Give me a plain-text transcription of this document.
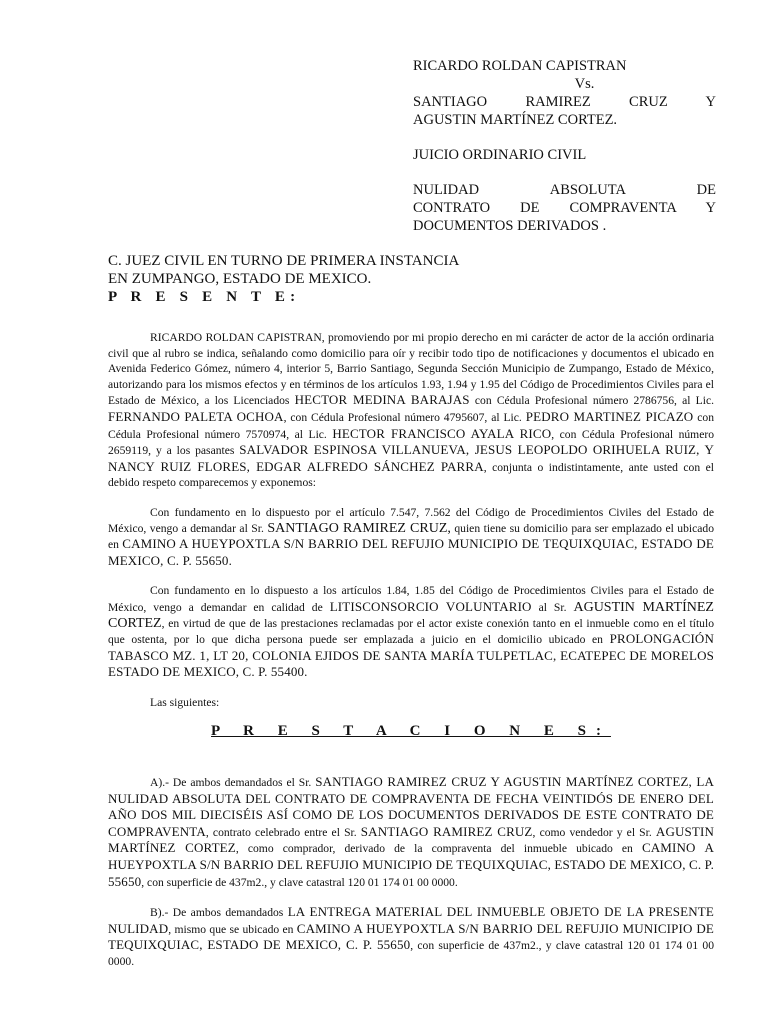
RICARDO ROLDAN CAPISTRAN
Vs.
SANTIAGO RAMIREZ CRUZ Y
AGUSTIN MARTÍNEZ CORTEZ.
JUICIO ORDINARIO CIVIL
NULIDAD ABSOLUTA DE
CONTRATO DE COMPRAVENTA Y
DOCUMENTOS DERIVADOS .
C. JUEZ CIVIL EN TURNO DE PRIMERA INSTANCIA
EN ZUMPANGO, ESTADO DE MEXICO.
P R E S E N T E:

RICARDO ROLDAN CAPISTRAN, promoviendo por mi propio derecho en mi carácter de actor de la acción ordinaria civil que al rubro se indica, señalando como domicilio para oír y recibir todo tipo de notificaciones y documentos el ubicado en Avenida Federico Gómez, número 4, interior 5, Barrio Santiago, Segunda Sección Municipio de Zumpango, Estado de México, autorizando para los mismos efectos y en términos de los artículos 1.93, 1.94 y 1.95 del Código de Procedimientos Civiles para el Estado de México, a los Licenciados HECTOR MEDINA BARAJAS con Cédula Profesional número 2786756, al Lic. FERNANDO PALETA OCHOA, con Cédula Profesional número 4795607, al Lic. PEDRO MARTINEZ PICAZO con Cédula Profesional número 7570974, al Lic. HECTOR FRANCISCO AYALA RICO, con Cédula Profesional número 2659119, y a los pasantes SALVADOR ESPINOSA VILLANUEVA, JESUS LEOPOLDO ORIHUELA RUIZ, Y NANCY RUIZ FLORES, EDGAR ALFREDO SÁNCHEZ PARRA, conjunta o indistintamente, ante usted con el debido respeto comparecemos y exponemos:

Con fundamento en lo dispuesto por el artículo 7.547, 7.562 del Código de Procedimientos Civiles del Estado de México, vengo a demandar al Sr. SANTIAGO RAMIREZ CRUZ, quien tiene su domicilio para ser emplazado el ubicado en CAMINO A HUEYPOXTLA S/N BARRIO DEL REFUJIO MUNICIPIO DE TEQUIXQUIAC, ESTADO DE MEXICO, C. P. 55650.

Con fundamento en lo dispuesto a los artículos 1.84, 1.85 del Código de Procedimientos Civiles para el Estado de México, vengo a demandar en calidad de LITISCONSORCIO VOLUNTARIO al Sr. AGUSTIN MARTÍNEZ CORTEZ, en virtud de que de las prestaciones reclamadas por el actor existe conexión tanto en el inmueble como en el título que ostenta, por lo que dicha persona puede ser emplazada a juicio en el domicilio ubicado en PROLONGACIÓN TABASCO MZ. 1, LT 20, COLONIA EJIDOS DE SANTA MARÍA TULPETLAC, ECATEPEC DE MORELOS ESTADO DE MEXICO, C. P. 55400.

Las siguientes:

P R E S T A C I O N E S:

A).- De ambos demandados el Sr. SANTIAGO RAMIREZ CRUZ Y AGUSTIN MARTÍNEZ CORTEZ, LA NULIDAD ABSOLUTA DEL CONTRATO DE COMPRAVENTA DE FECHA VEINTIDÓS DE ENERO DEL AÑO DOS MIL DIECISÉIS ASÍ COMO DE LOS DOCUMENTOS DERIVADOS DE ESTE CONTRATO DE COMPRAVENTA, contrato celebrado entre el Sr. SANTIAGO RAMIREZ CRUZ, como vendedor y el Sr. AGUSTIN MARTÍNEZ CORTEZ, como comprador, derivado de la compraventa del inmueble ubicado en CAMINO A HUEYPOXTLA S/N BARRIO DEL REFUJIO MUNICIPIO DE TEQUIXQUIAC, ESTADO DE MEXICO, C. P. 55650, con superficie de 437m2., y clave catastral 120 01 174 01 00 0000.

B).- De ambos demandados LA ENTREGA MATERIAL DEL INMUEBLE OBJETO DE LA PRESENTE NULIDAD, mismo que se ubicado en CAMINO A HUEYPOXTLA S/N BARRIO DEL REFUJIO MUNICIPIO DE TEQUIXQUIAC, ESTADO DE MEXICO, C. P. 55650, con superficie de 437m2., y clave catastral 120 01 174 01 00 0000.
